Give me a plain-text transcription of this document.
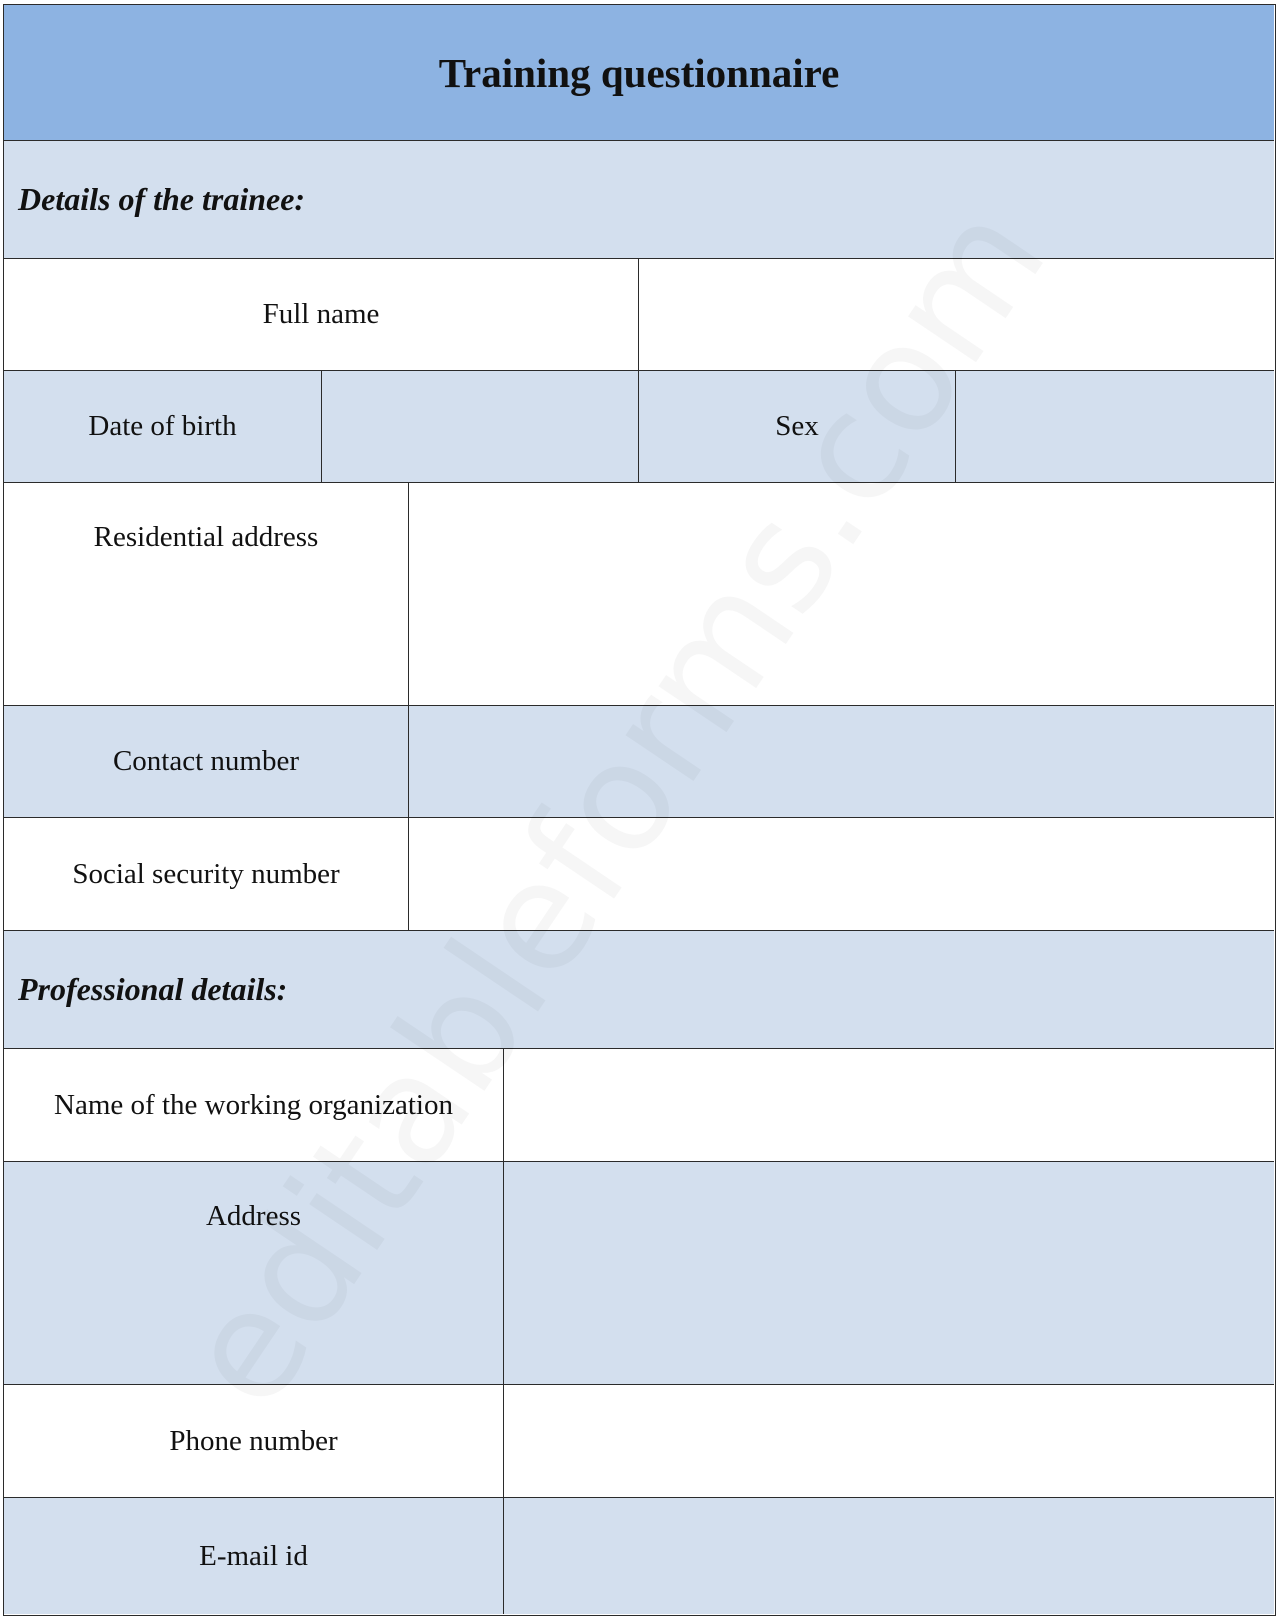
Training questionnaire
Details of the trainee:
Full name
Date of birth	Sex
Residential address
Contact number
Social security number
Professional details:
Name of the working organization
Address
Phone number
E-mail id
